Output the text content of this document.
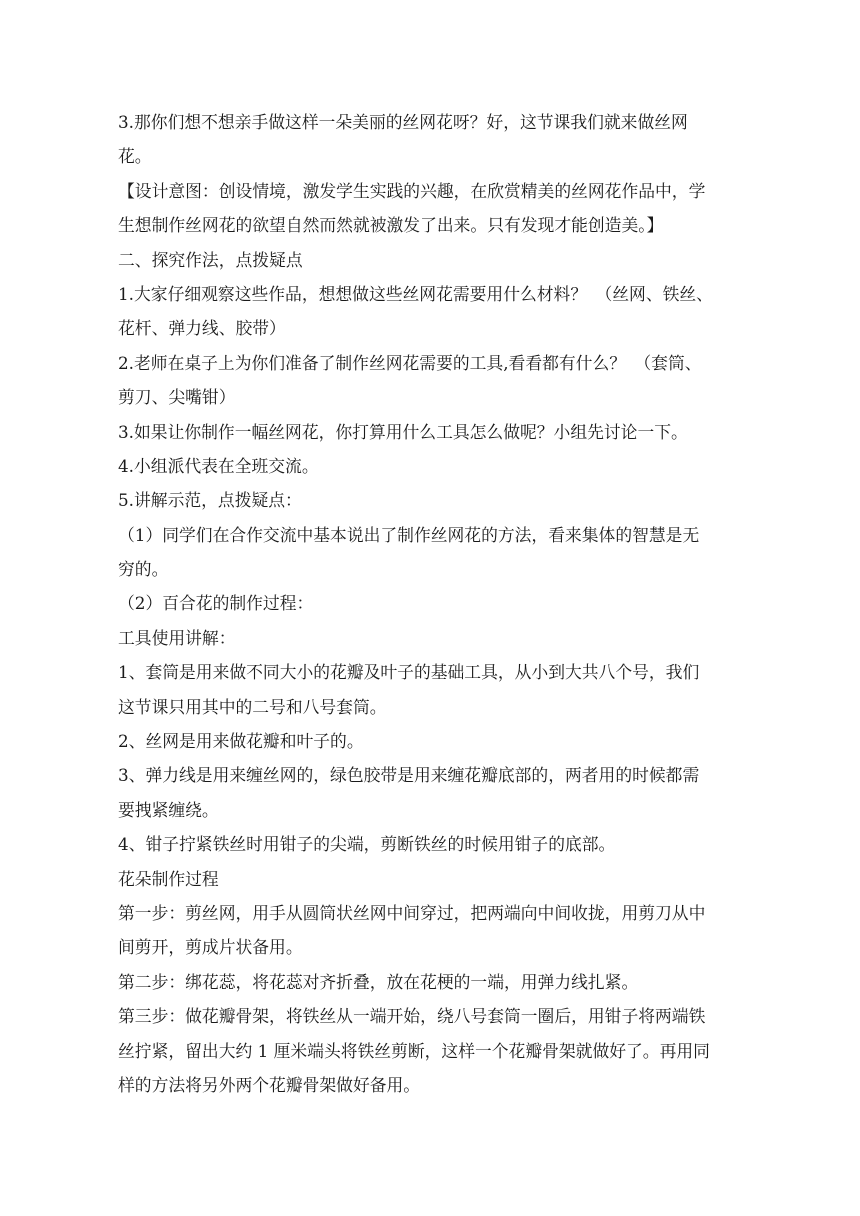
3.那你们想不想亲手做这样一朵美丽的丝网花呀？好，这节课我们就来做丝网
花。
【设计意图：创设情境，激发学生实践的兴趣，在欣赏精美的丝网花作品中，学
生想制作丝网花的欲望自然而然就被激发了出来。只有发现才能创造美。】
二、探究作法，点拨疑点
1.大家仔细观察这些作品，想想做这些丝网花需要用什么材料？　（丝网、铁丝、
花杆、弹力线、胶带）
2.老师在桌子上为你们准备了制作丝网花需要的工具,看看都有什么？　（套筒、
剪刀、尖嘴钳）
3.如果让你制作一幅丝网花，你打算用什么工具怎么做呢？小组先讨论一下。
4.小组派代表在全班交流。
5.讲解示范，点拨疑点：
（1）同学们在合作交流中基本说出了制作丝网花的方法，看来集体的智慧是无
穷的。
（2）百合花的制作过程：
工具使用讲解：
1、套筒是用来做不同大小的花瓣及叶子的基础工具，从小到大共八个号，我们
这节课只用其中的二号和八号套筒。
2、丝网是用来做花瓣和叶子的。
3、弹力线是用来缠丝网的，绿色胶带是用来缠花瓣底部的，两者用的时候都需
要拽紧缠绕。
4、钳子拧紧铁丝时用钳子的尖端，剪断铁丝的时候用钳子的底部。
花朵制作过程
第一步：剪丝网，用手从圆筒状丝网中间穿过，把两端向中间收拢，用剪刀从中
间剪开，剪成片状备用。
第二步：绑花蕊，将花蕊对齐折叠，放在花梗的一端，用弹力线扎紧。
第三步：做花瓣骨架，将铁丝从一端开始，绕八号套筒一圈后，用钳子将两端铁
丝拧紧，留出大约 1 厘米端头将铁丝剪断，这样一个花瓣骨架就做好了。再用同
样的方法将另外两个花瓣骨架做好备用。
